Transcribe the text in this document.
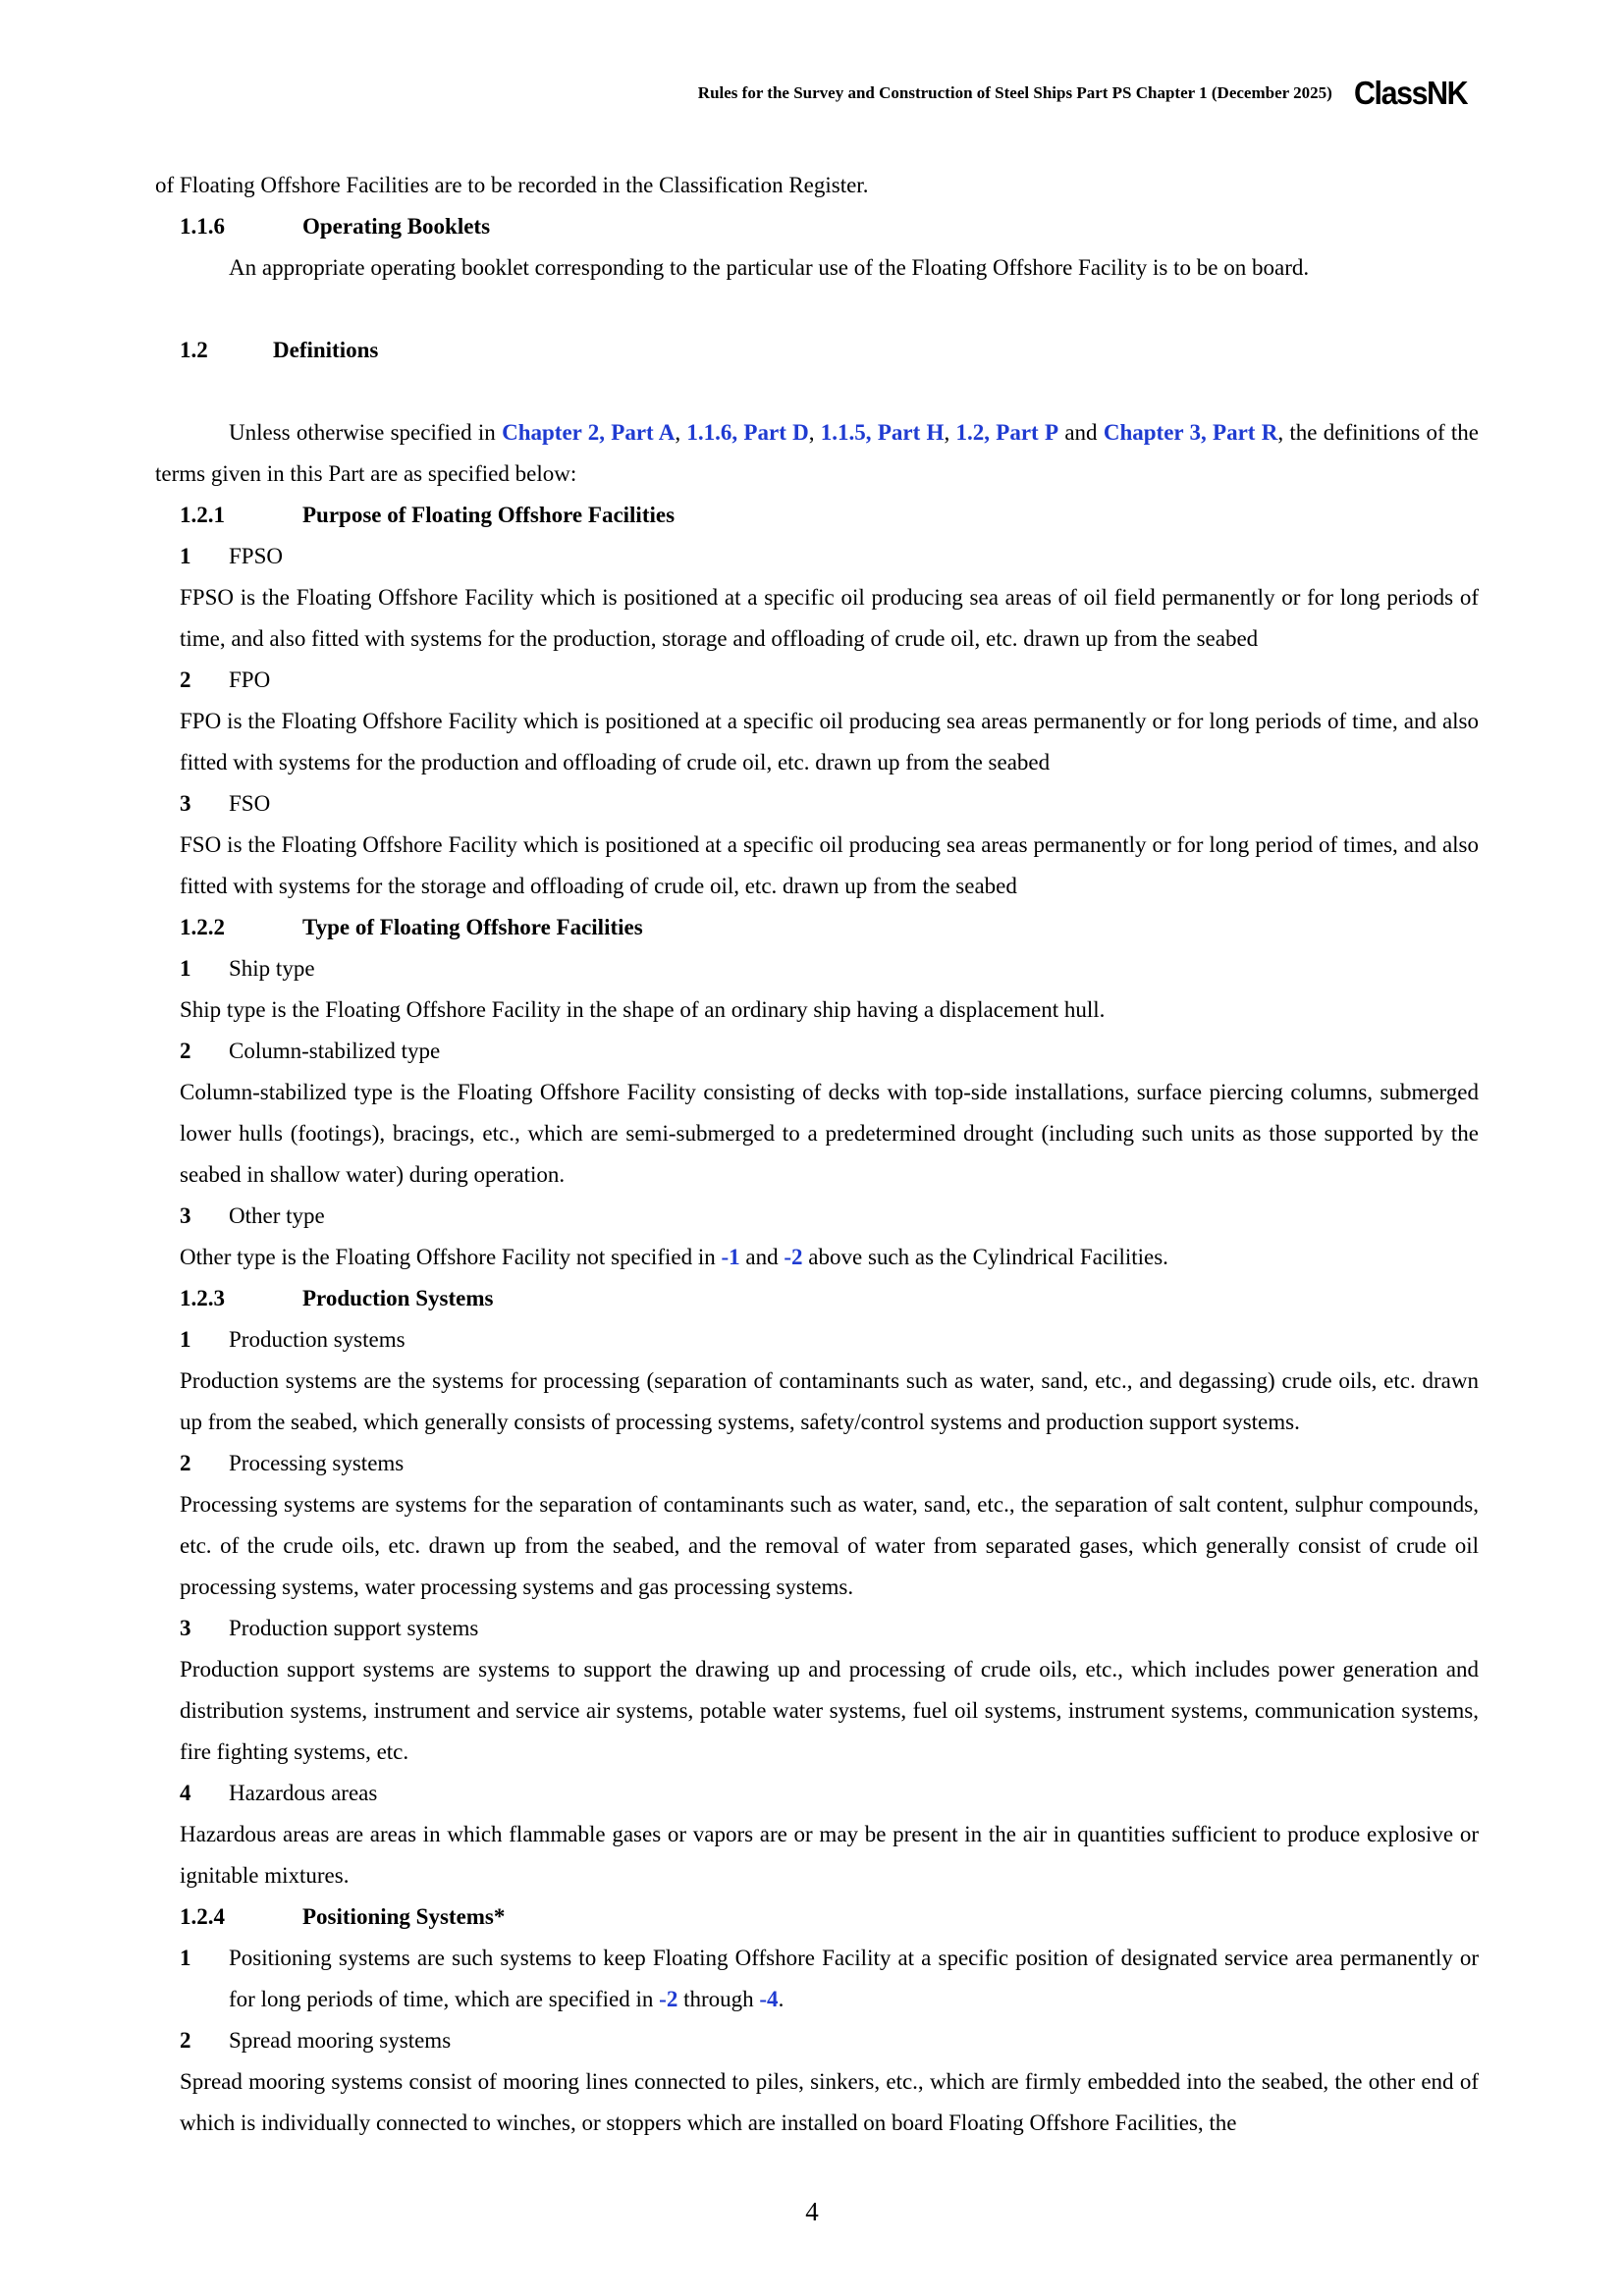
Rules for the Survey and Construction of Steel Ships Part PS Chapter 1 (December 2025) ClassNK

of Floating Offshore Facilities are to be recorded in the Classification Register.

1.1.6	Operating Booklets

An appropriate operating booklet corresponding to the particular use of the Floating Offshore Facility is to be on board.

1.2	Definitions

Unless otherwise specified in Chapter 2, Part A, 1.1.6, Part D, 1.1.5, Part H, 1.2, Part P and Chapter 3, Part R, the definitions of the terms given in this Part are as specified below:

1.2.1	Purpose of Floating Offshore Facilities
1	FPSO

FPSO is the Floating Offshore Facility which is positioned at a specific oil producing sea areas of oil field permanently or for long periods of time, and also fitted with systems for the production, storage and offloading of crude oil, etc. drawn up from the seabed

2	FPO

FPO is the Floating Offshore Facility which is positioned at a specific oil producing sea areas permanently or for long periods of time, and also fitted with systems for the production and offloading of crude oil, etc. drawn up from the seabed

3	FSO

FSO is the Floating Offshore Facility which is positioned at a specific oil producing sea areas permanently or for long period of times, and also fitted with systems for the storage and offloading of crude oil, etc. drawn up from the seabed

1.2.2	Type of Floating Offshore Facilities
1	Ship type

Ship type is the Floating Offshore Facility in the shape of an ordinary ship having a displacement hull.

2	Column-stabilized type

Column-stabilized type is the Floating Offshore Facility consisting of decks with top-side installations, surface piercing columns, submerged lower hulls (footings), bracings, etc., which are semi-submerged to a predetermined drought (including such units as those supported by the seabed in shallow water) during operation.

3	Other type

Other type is the Floating Offshore Facility not specified in -1 and -2 above such as the Cylindrical Facilities.

1.2.3	Production Systems
1	Production systems

Production systems are the systems for processing (separation of contaminants such as water, sand, etc., and degassing) crude oils, etc. drawn up from the seabed, which generally consists of processing systems, safety/control systems and production support systems.

2	Processing systems

Processing systems are systems for the separation of contaminants such as water, sand, etc., the separation of salt content, sulphur compounds, etc. of the crude oils, etc. drawn up from the seabed, and the removal of water from separated gases, which generally consist of crude oil processing systems, water processing systems and gas processing systems.

3	Production support systems

Production support systems are systems to support the drawing up and processing of crude oils, etc., which includes power generation and distribution systems, instrument and service air systems, potable water systems, fuel oil systems, instrument systems, communication systems, fire fighting systems, etc.

4	Hazardous areas

Hazardous areas are areas in which flammable gases or vapors are or may be present in the air in quantities sufficient to produce explosive or ignitable mixtures.

1.2.4	Positioning Systems*
1	Positioning systems are such systems to keep Floating Offshore Facility at a specific position of designated service area permanently or for long periods of time, which are specified in -2 through -4.
2	Spread mooring systems

Spread mooring systems consist of mooring lines connected to piles, sinkers, etc., which are firmly embedded into the seabed, the other end of which is individually connected to winches, or stoppers which are installed on board Floating Offshore Facilities, the

4
